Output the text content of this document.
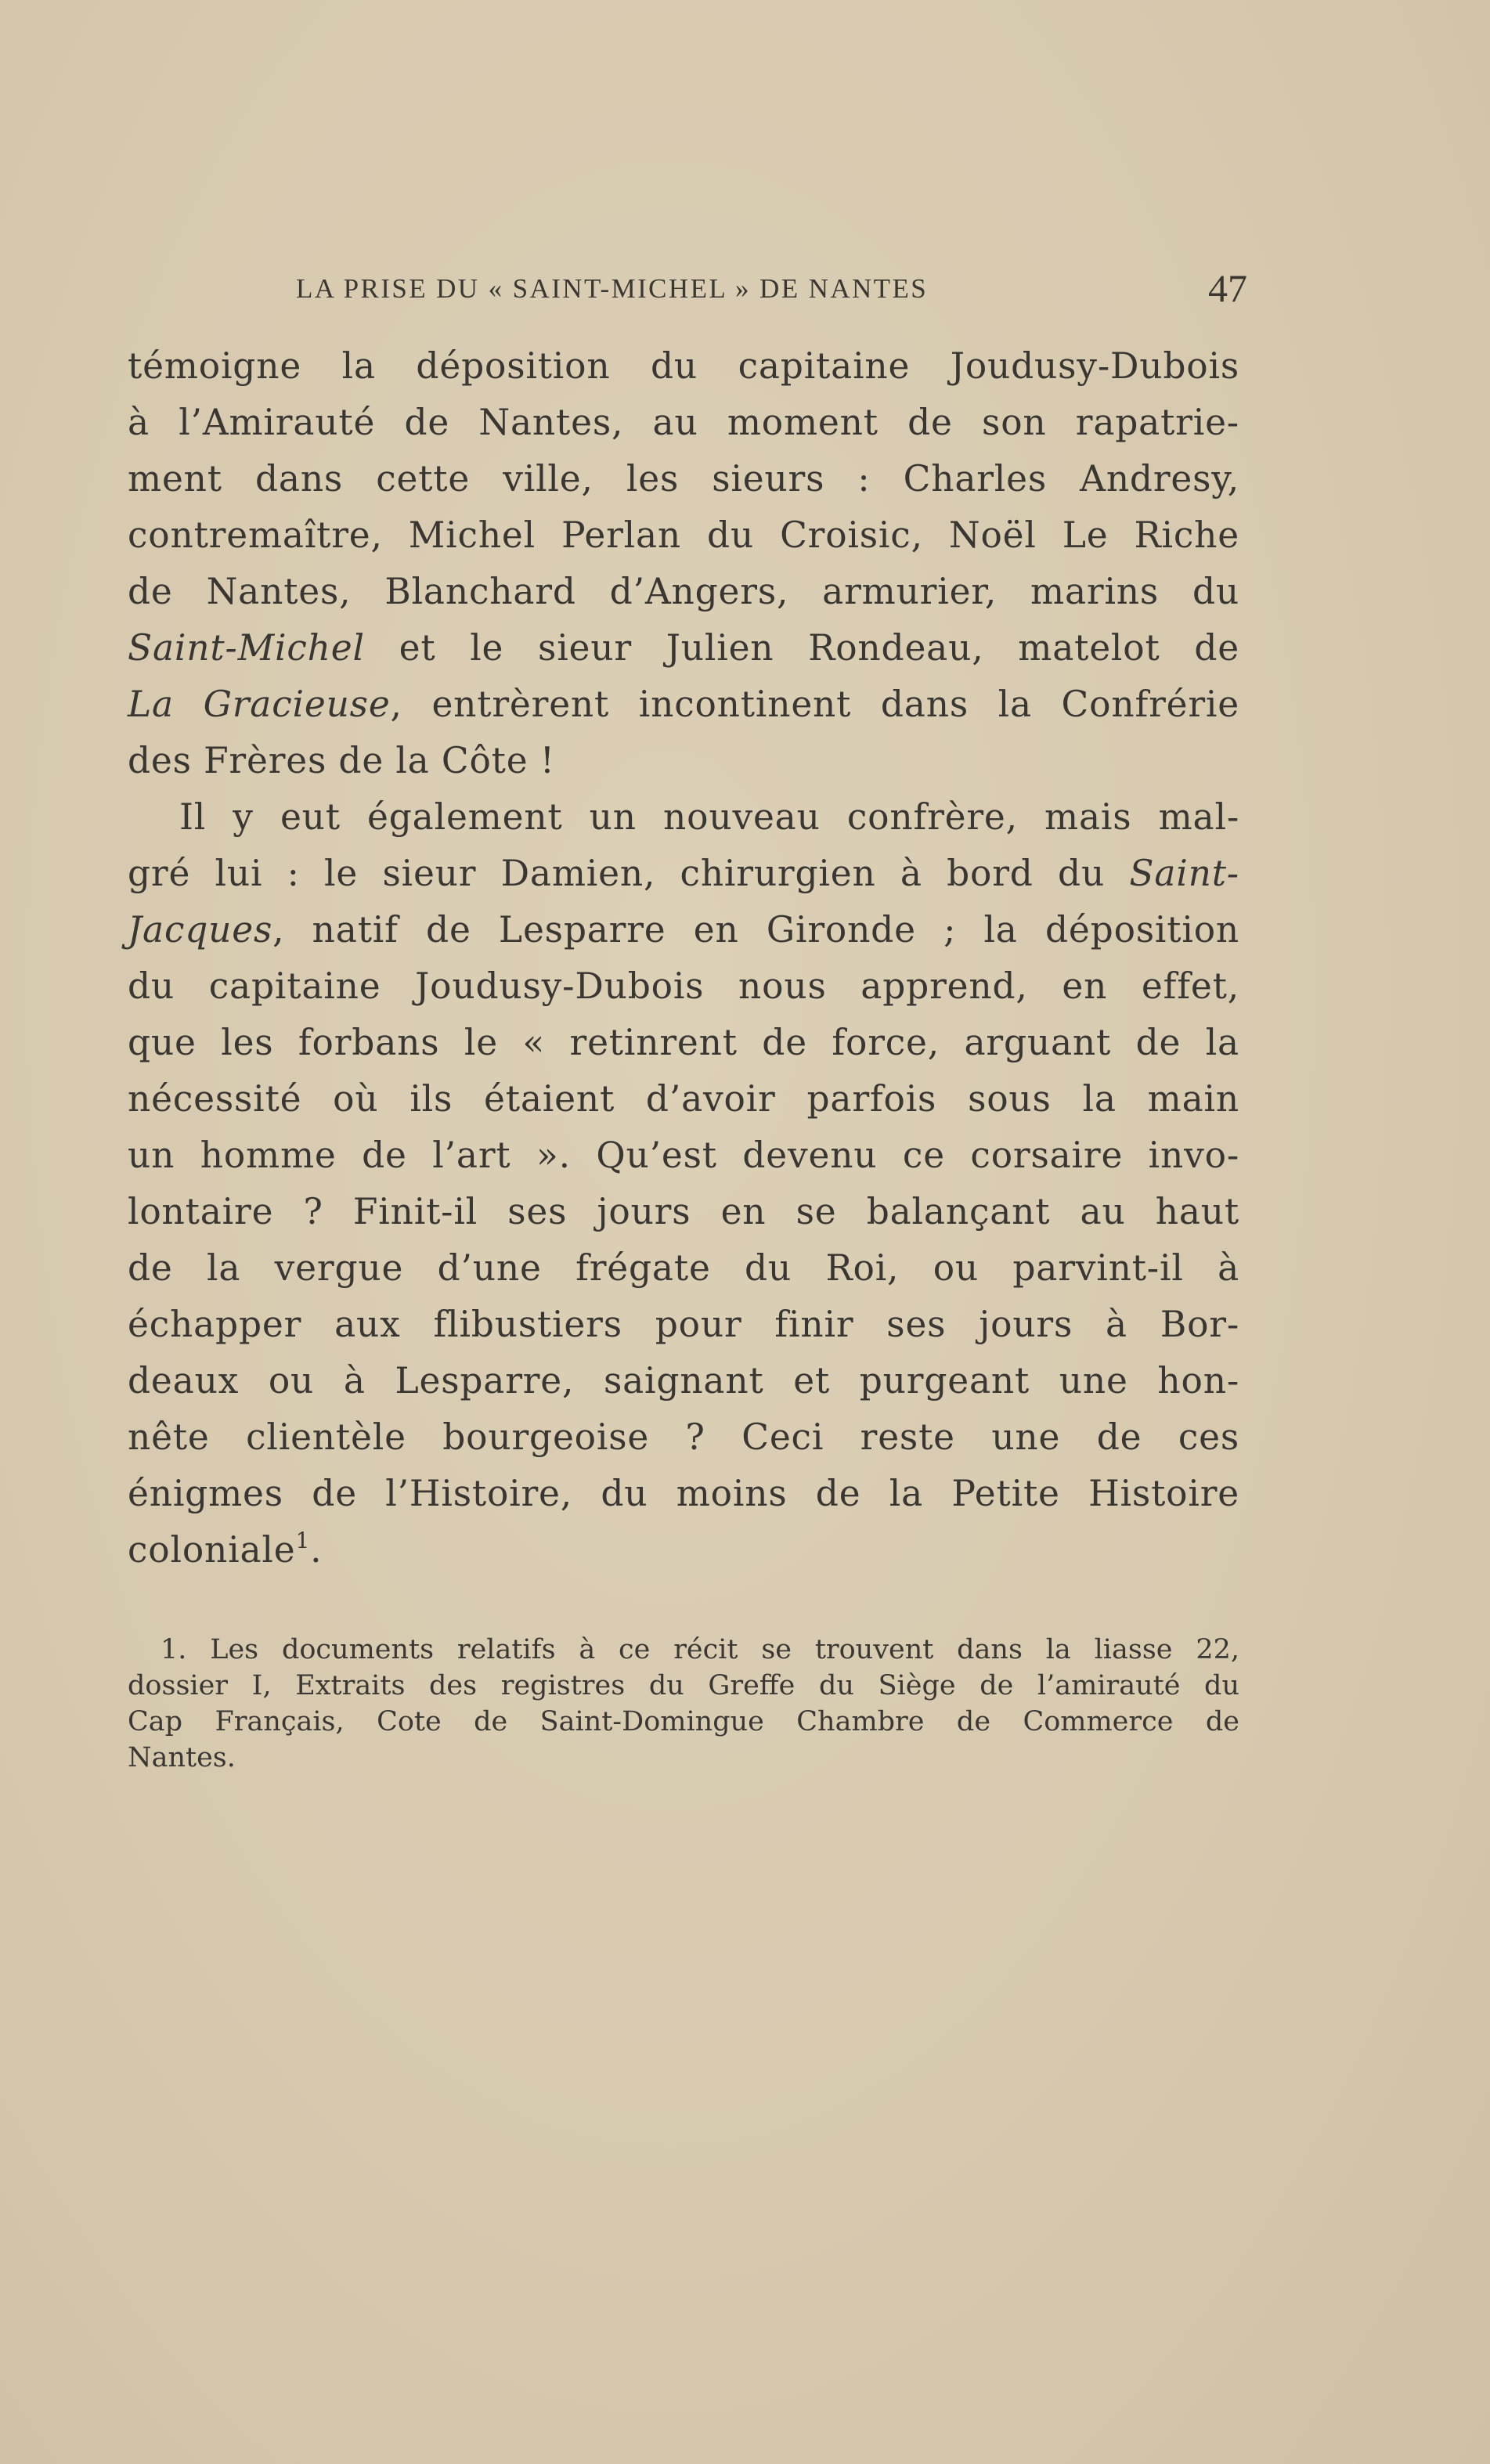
LA PRISE DU « SAINT-MICHEL » DE NANTES	47
témoigne la déposition du capitaine Joudusy-Dubois
à l’Amirauté de Nantes, au moment de son rapatrie-
ment dans cette ville, les sieurs : Charles Andresy,
contremaître, Michel Perlan du Croisic, Noël Le Riche
de Nantes, Blanchard d’Angers, armurier, marins du
Saint-Michel et le sieur Julien Rondeau, matelot de
La Gracieuse, entrèrent incontinent dans la Confrérie
des Frères de la Côte !
Il y eut également un nouveau confrère, mais mal-
gré lui : le sieur Damien, chirurgien à bord du Saint-
Jacques, natif de Lesparre en Gironde ; la déposition
du capitaine Joudusy-Dubois nous apprend, en effet,
que les forbans le « retinrent de force, arguant de la
nécessité où ils étaient d’avoir parfois sous la main
un homme de l’art ». Qu’est devenu ce corsaire invo-
lontaire ? Finit-il ses jours en se balançant au haut
de la vergue d’une frégate du Roi, ou parvint-il à
échapper aux flibustiers pour finir ses jours à Bor-
deaux ou à Lesparre, saignant et purgeant une hon-
nête clientèle bourgeoise ? Ceci reste une de ces
énigmes de l’Histoire, du moins de la Petite Histoire
coloniale$^1$.
1. Les documents relatifs à ce récit se trouvent dans la liasse 22,
dossier I, Extraits des registres du Greffe du Siège de l’amirauté du
Cap Français, Cote de Saint-Domingue Chambre de Commerce de
Nantes.
